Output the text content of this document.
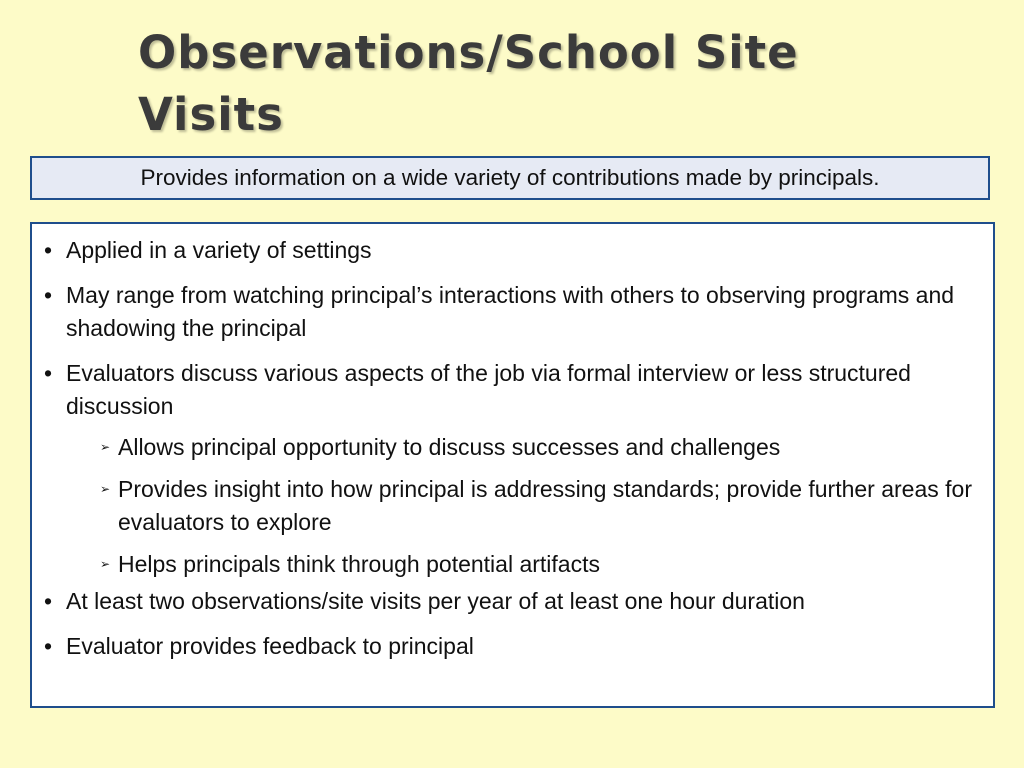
Observations/School Site Visits
Provides information on a wide variety of contributions made by principals.
• Applied in a variety of settings
• May range from watching principal’s interactions with others to observing programs and shadowing the principal
• Evaluators discuss various aspects of the job via formal interview or less structured discussion
➢ Allows principal opportunity to discuss successes and challenges
➢ Provides insight into how principal is addressing standards; provide further areas for evaluators to explore
➢ Helps principals think through potential artifacts
• At least two observations/site visits per year of at least one hour duration
• Evaluator provides feedback to principal
